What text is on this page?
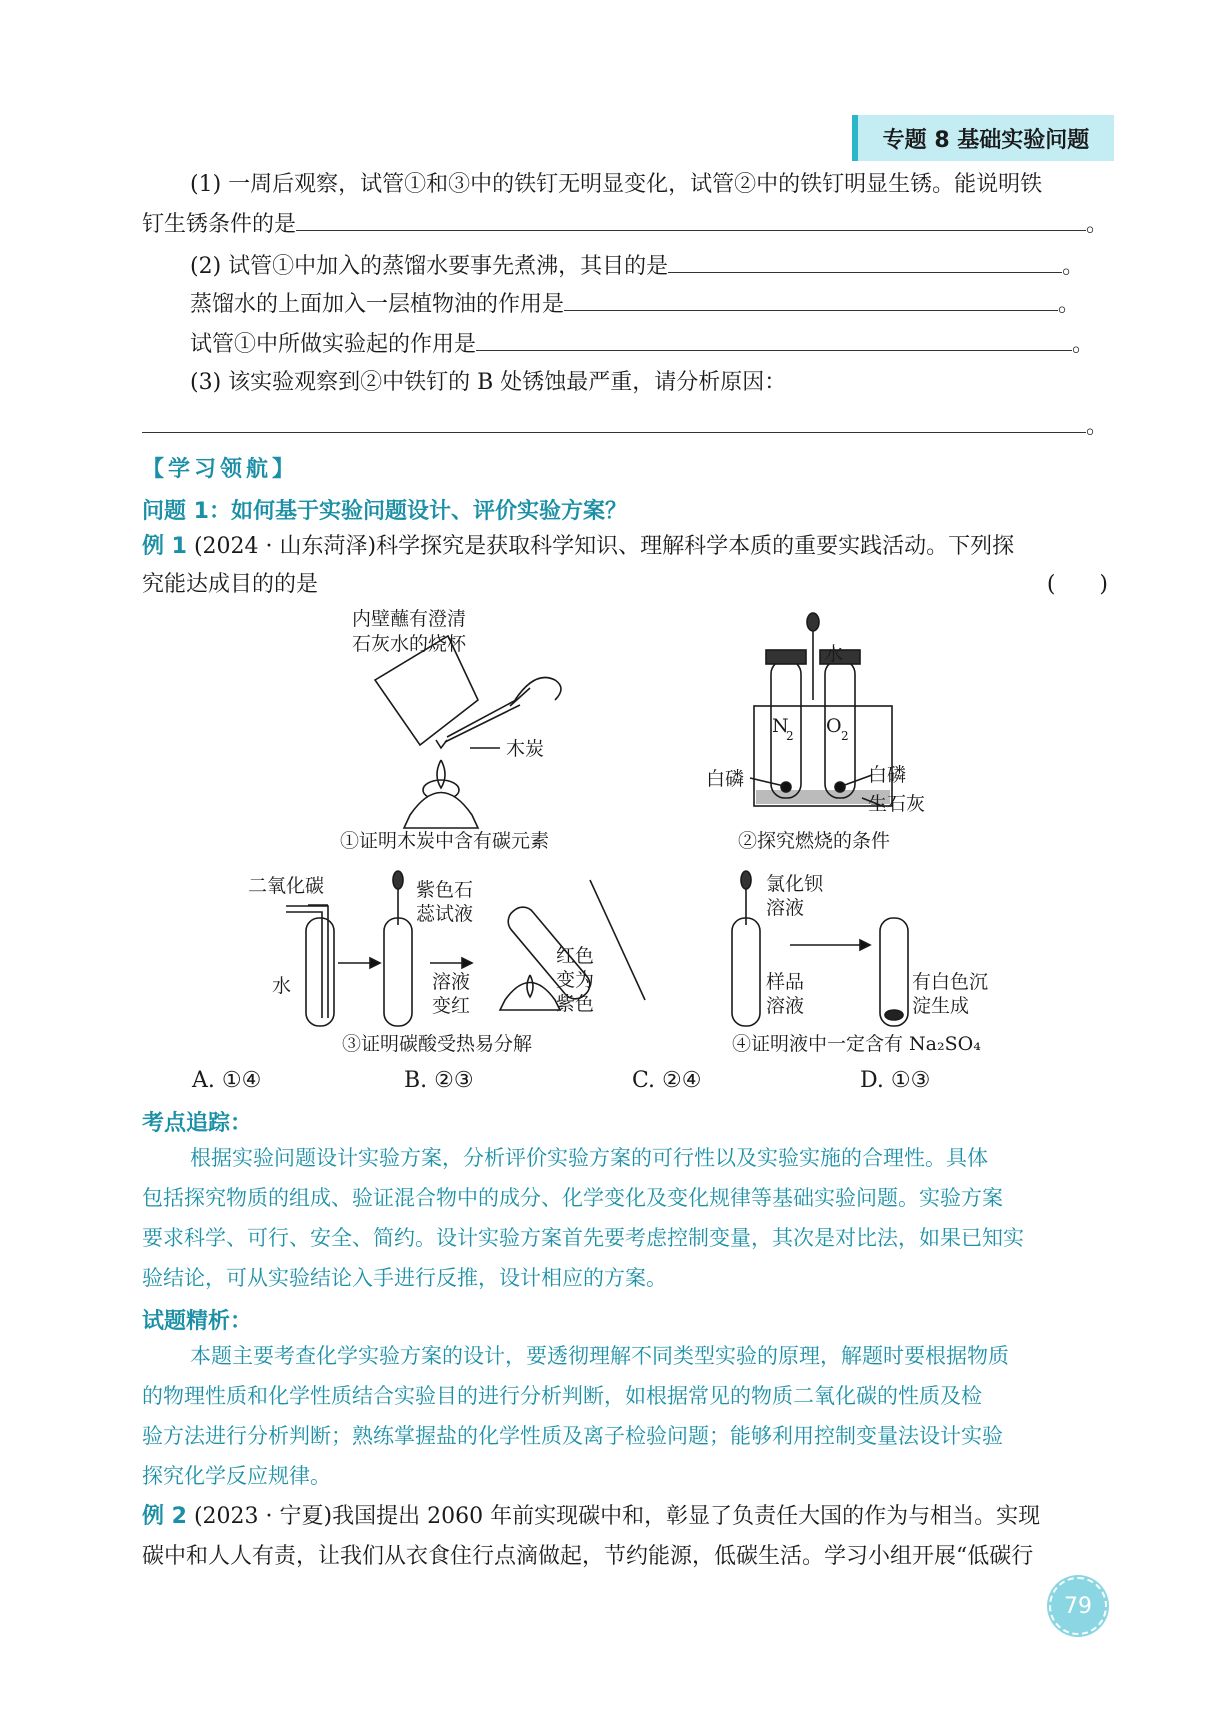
专题 8 基础实验问题
(1) 一周后观察，试管①和③中的铁钉无明显变化，试管②中的铁钉明显生锈。能说明铁
钉生锈条件的是	。
(2) 试管①中加入的蒸馏水要事先煮沸，其目的是	。
蒸馏水的上面加入一层植物油的作用是	。
试管①中所做实验起的作用是	。
(3) 该实验观察到②中铁钉的 B 处锈蚀最严重，请分析原因：
。
【学习领航】
问题 1：如何基于实验问题设计、评价实验方案？
例 1 (2024 · 山东菏泽)科学探究是获取科学知识、理解科学本质的重要实践活动。下列探
究能达成目的的是	(　　)
内壁蘸有澄清
石灰水的烧杯
木炭
①证明木炭中含有碳元素
水
N
2 O 2
白磷	白磷
生石灰
②探究燃烧的条件
二氧化碳
水
紫色石
蕊试液
溶液
变红
红色
变为
紫色
③证明碳酸受热易分解
氯化钡
溶液
样品
溶液
有白色沉
淀生成
④证明液中一定含有 Na₂SO₄
A. ①④	B. ②③	C. ②④	D. ①③
考点追踪：
根据实验问题设计实验方案，分析评价实验方案的可行性以及实验实施的合理性。具体
包括探究物质的组成、验证混合物中的成分、化学变化及变化规律等基础实验问题。实验方案
要求科学、可行、安全、简约。设计实验方案首先要考虑控制变量，其次是对比法，如果已知实
验结论，可从实验结论入手进行反推，设计相应的方案。
试题精析：
本题主要考查化学实验方案的设计，要透彻理解不同类型实验的原理，解题时要根据物质
的物理性质和化学性质结合实验目的进行分析判断，如根据常见的物质二氧化碳的性质及检
验方法进行分析判断；熟练掌握盐的化学性质及离子检验问题；能够利用控制变量法设计实验
探究化学反应规律。
例 2 (2023 · 宁夏)我国提出 2060 年前实现碳中和，彰显了负责任大国的作为与相当。实现
碳中和人人有责，让我们从衣食住行点滴做起，节约能源，低碳生活。学习小组开展“低碳行
79
